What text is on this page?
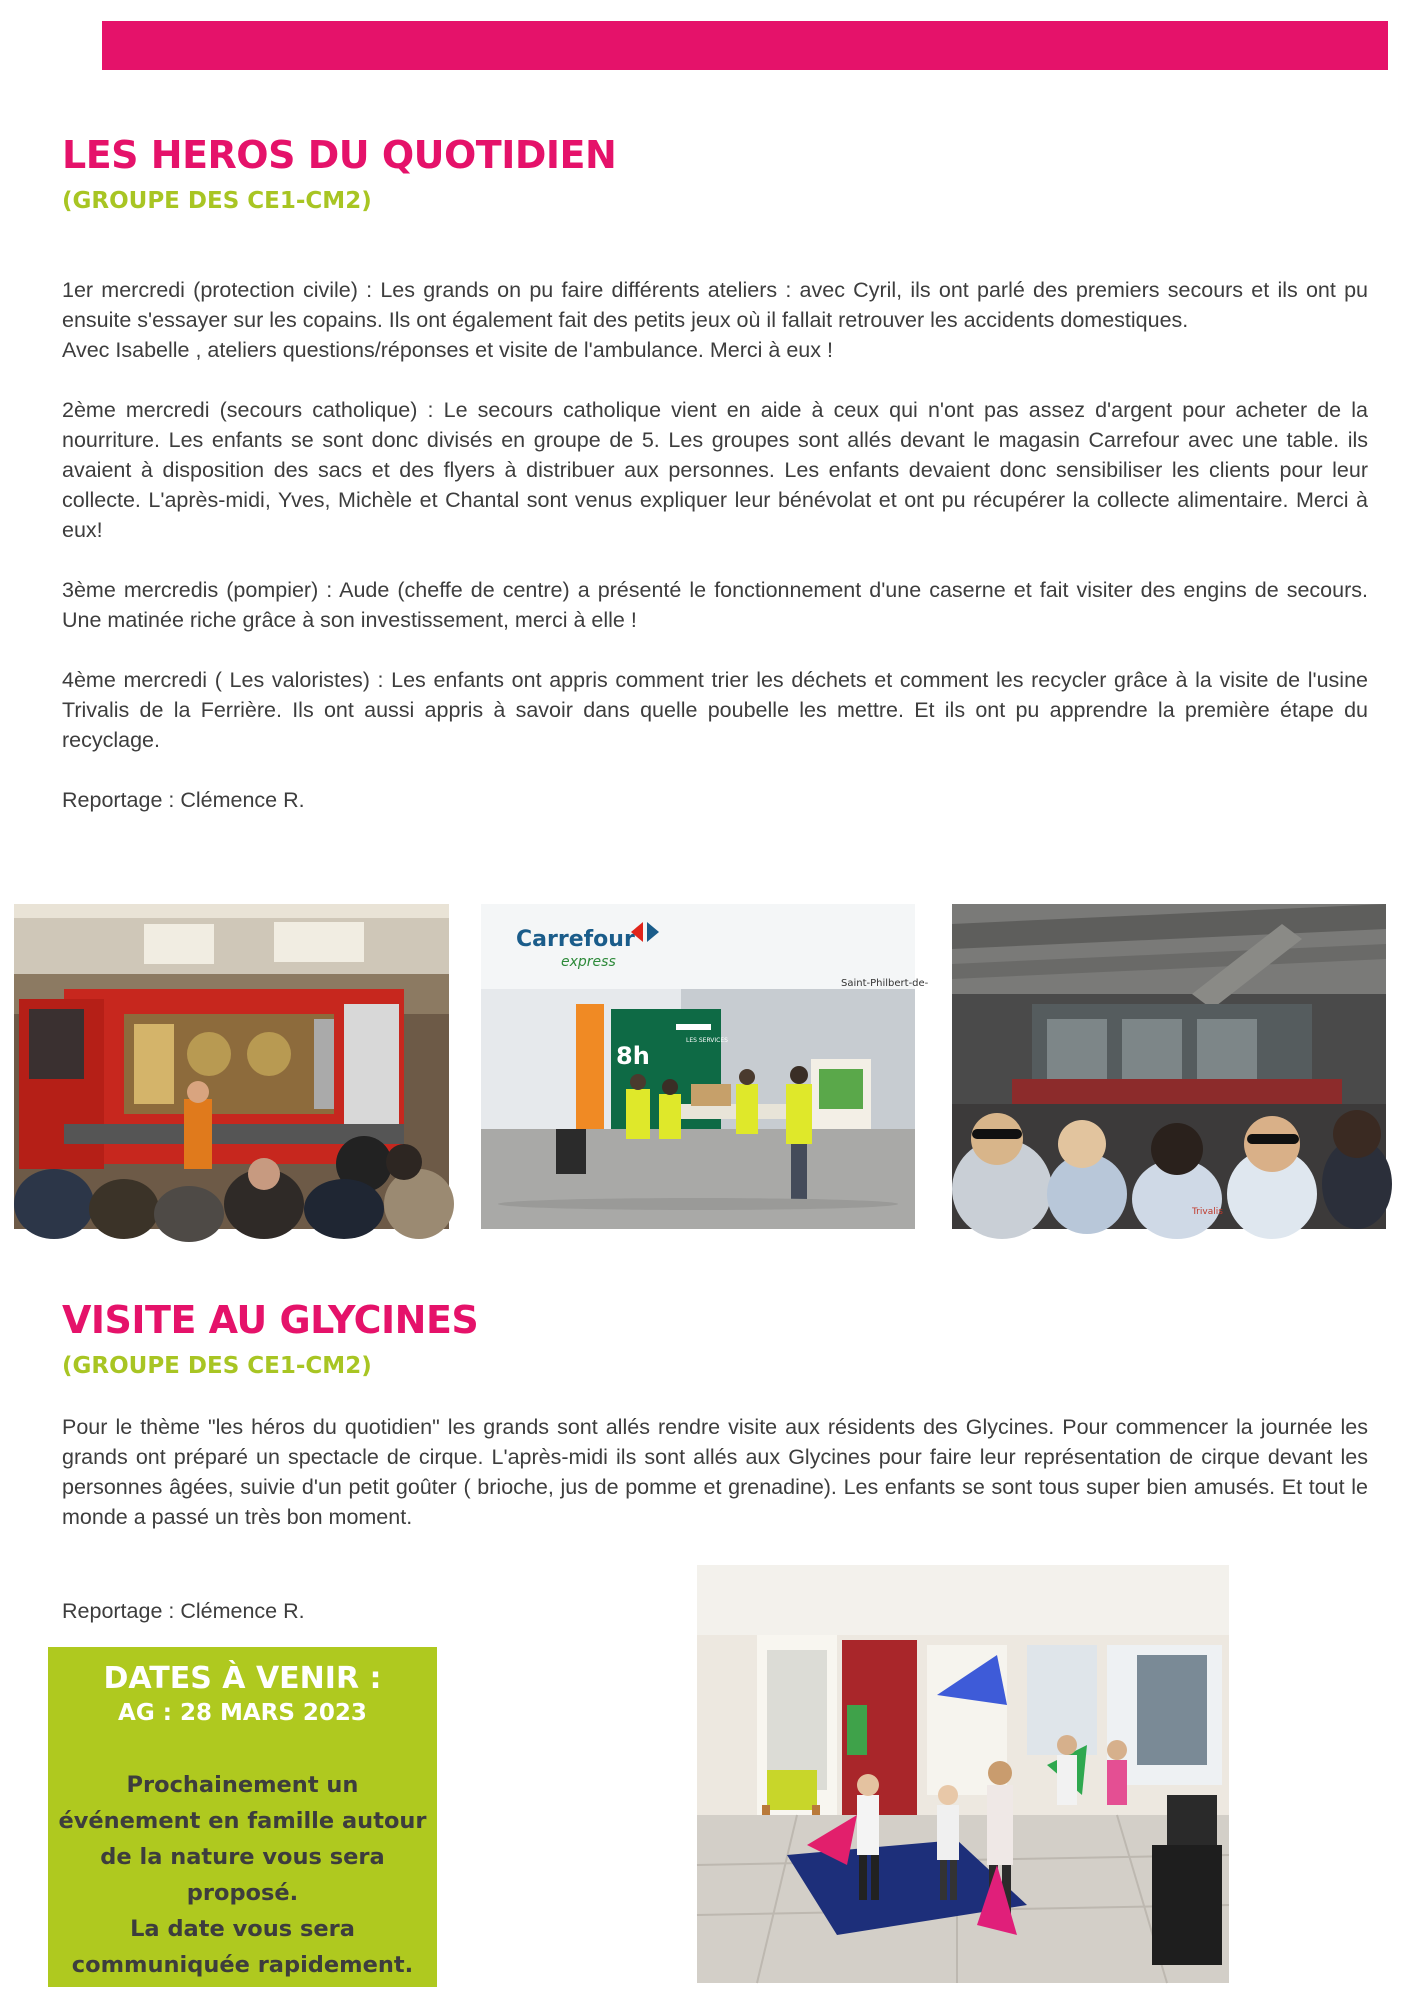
LES HEROS DU QUOTIDIEN
(GROUPE DES CE1-CM2)

1er mercredi (protection civile) : Les grands on pu faire différents ateliers : avec Cyril, ils ont parlé des premiers secours et ils ont pu ensuite s'essayer sur les copains. Ils ont également fait des petits jeux où il fallait retrouver les accidents domestiques.

Avec Isabelle , ateliers questions/réponses et visite de l'ambulance. Merci à eux !

2ème mercredi (secours catholique) : Le secours catholique vient en aide à ceux qui n'ont pas assez d'argent pour acheter de la nourriture. Les enfants se sont donc divisés en groupe de 5. Les groupes sont allés devant le magasin Carrefour avec une table. ils avaient à disposition des sacs et des flyers à distribuer aux personnes. Les enfants devaient donc sensibiliser les clients pour leur collecte. L'après-midi, Yves, Michèle et Chantal sont venus expliquer leur bénévolat et ont pu récupérer la collecte alimentaire. Merci à eux!

3ème mercredis (pompier) : Aude (cheffe de centre) a présenté le fonctionnement d'une caserne et fait visiter des engins de secours. Une matinée riche grâce à son investissement, merci à elle !

4ème mercredi ( Les valoristes) : Les enfants ont appris comment trier les déchets et comment les recycler grâce à la visite de l'usine Trivalis de la Ferrière. Ils ont aussi appris à savoir dans quelle poubelle les mettre. Et ils ont pu apprendre la première étape du recyclage.

Reportage : Clémence R.

Carrefour
express
Saint-Philbert-de-
8h
LES SERVICES
Trivalis
VISITE AU GLYCINES
(GROUPE DES CE1-CM2)

Pour le thème "les héros du quotidien" les grands sont allés rendre visite aux résidents des Glycines. Pour commencer la journée les grands ont préparé un spectacle de cirque. L'après-midi ils sont allés aux Glycines pour faire leur représentation de cirque devant les personnes âgées, suivie d'un petit goûter ( brioche, jus de pomme et grenadine). Les enfants se sont tous super bien amusés. Et tout le monde a passé un très bon moment.

Reportage : Clémence R.
DATES À VENIR :
AG : 28 MARS 2023
Prochainement un
événement en famille autour
de la nature vous sera
proposé.
La date vous sera
communiquée rapidement.
